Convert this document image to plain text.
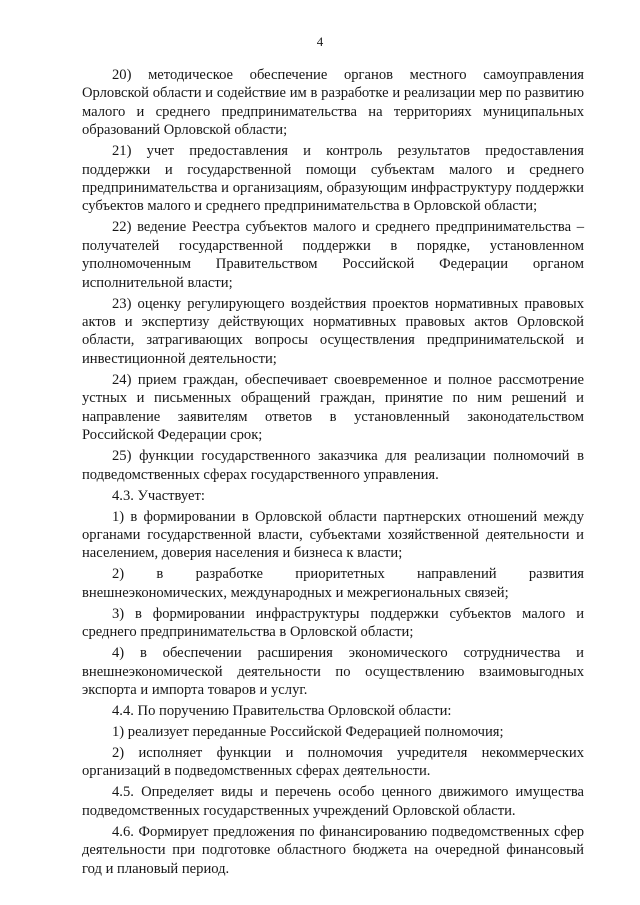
4

20) методическое обеспечение органов местного самоуправления Орловской области и содействие им в разработке и реализации мер по развитию малого и среднего предпринимательства на территориях муниципальных образований Орловской области;

21) учет предоставления и контроль результатов предоставления поддержки и государственной помощи субъектам малого и среднего предпринимательства и организациям, образующим инфраструктуру поддержки субъектов малого и среднего предпринимательства в Орловской области;

22) ведение Реестра субъектов малого и среднего предпринимательства – получателей государственной поддержки в порядке, установленном уполномоченным Правительством Российской Федерации органом исполнительной власти;

23) оценку регулирующего воздействия проектов нормативных правовых актов и экспертизу действующих нормативных правовых актов Орловской области, затрагивающих вопросы осуществления предпринимательской и инвестиционной деятельности;

24) прием граждан, обеспечивает своевременное и полное рассмотрение устных и письменных обращений граждан, принятие по ним решений и направление заявителям ответов в установленный законодательством Российской Федерации срок;

25) функции государственного заказчика для реализации полномочий в подведомственных сферах государственного управления.

4.3. Участвует:

1) в формировании в Орловской области партнерских отношений между органами государственной власти, субъектами хозяйственной деятельности и населением, доверия населения и бизнеса к власти;

2) в разработке приоритетных направлений развития внешнеэкономических, международных и межрегиональных связей;

3) в формировании инфраструктуры поддержки субъектов малого и среднего предпринимательства в Орловской области;

4) в обеспечении расширения экономического сотрудничества и внешнеэкономической деятельности по осуществлению взаимовыгодных экспорта и импорта товаров и услуг.

4.4. По поручению Правительства Орловской области:

1) реализует переданные Российской Федерацией полномочия;

2) исполняет функции и полномочия учредителя некоммерческих организаций в подведомственных сферах деятельности.

4.5. Определяет виды и перечень особо ценного движимого имущества подведомственных государственных учреждений Орловской области.

4.6. Формирует предложения по финансированию подведомственных сфер деятельности при подготовке областного бюджета на очередной финансовый год и плановый период.
